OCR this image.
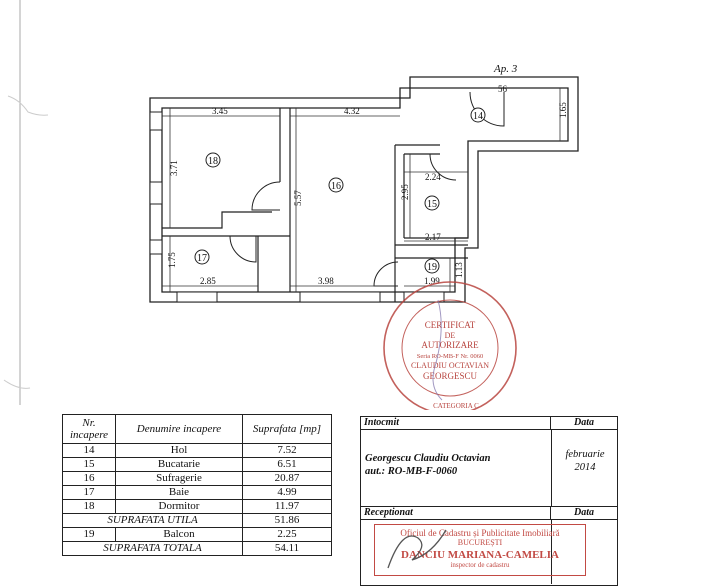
3.45	4.32
56
1.65
3.71
5.57
2.24
2.95
2.17
1.75
2.85	3.98	1.99
1.13
Ap. 3
14
15
16
17
18
19
CERTIFICAT
DE
AUTORIZARE
Seria RO-MB-F Nr. 0060
CLAUDIU OCTAVIAN
GEORGESCU
CATEGORIA C
Nr. incapere	Denumire incapere	Suprafata [mp]
14	Hol	7.52
15	Bucatarie	6.51
16	Sufragerie	20.87
17	Baie	4.99
18	Dormitor	11.97
SUPRAFATA UTILA		51.86
19	Balcon	2.25
SUPRAFATA TOTALA		54.11
Intocmit	Data
Georgescu Claudiu Octavian
aut.: RO-MB-F-0060
februarie
2014
Receptionat	Data
Oficiul de Cadastru și Publicitate Imobiliară
BUCUREȘTI
DANCIU MARIANA-CAMELIA
inspector de cadastru
